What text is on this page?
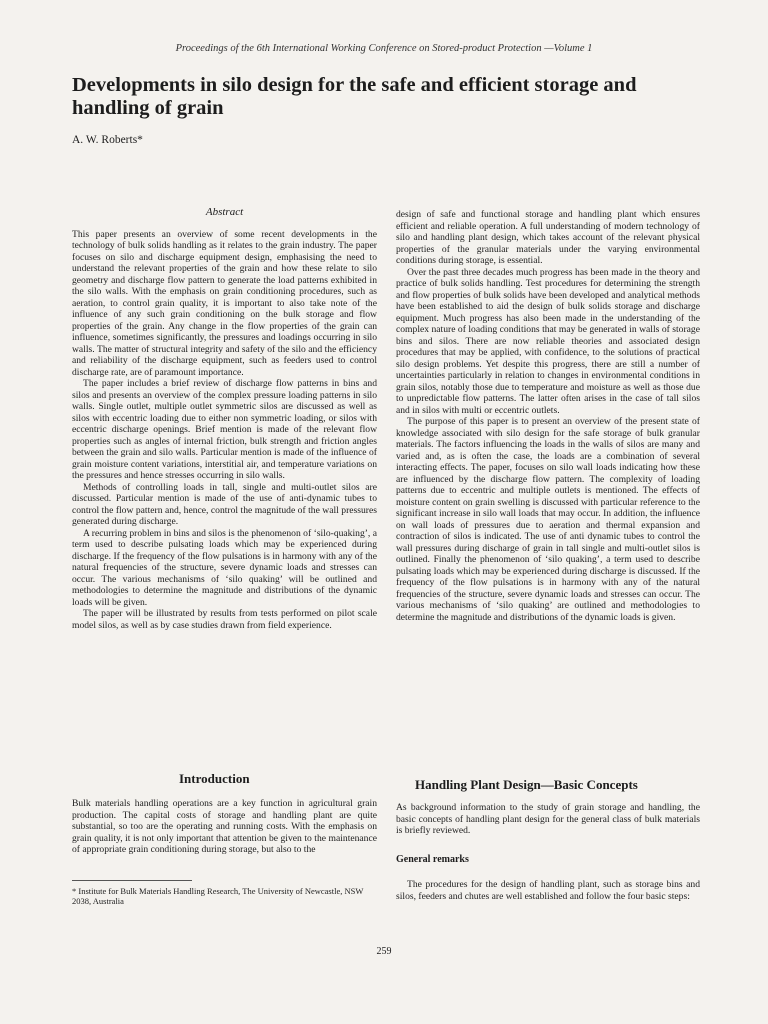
Proceedings of the 6th International Working Conference on Stored-product Protection —Volume 1
Developments in silo design for the safe and efficient storage and handling of grain
A. W. Roberts*
Abstract

This paper presents an overview of some recent developments in the technology of bulk solids handling as it relates to the grain industry. The paper focuses on silo and discharge equipment design, emphasising the need to understand the relevant properties of the grain and how these relate to silo geometry and discharge flow pattern to generate the load patterns exhibited in the silo walls. With the emphasis on grain conditioning procedures, such as aeration, to control grain quality, it is important to also take note of the influence of any such grain conditioning on the bulk storage and flow properties of the grain. Any change in the flow properties of the grain can influence, sometimes significantly, the pressures and loadings occurring in silo walls. The matter of structural integrity and safety of the silo and the efficiency and reliability of the discharge equipment, such as feeders used to control discharge rate, are of paramount importance.

The paper includes a brief review of discharge flow patterns in bins and silos and presents an overview of the complex pressure loading patterns in silo walls. Single outlet, multiple outlet symmetric silos are discussed as well as silos with eccentric loading due to either non symmetric loading, or silos with eccentric discharge openings. Brief mention is made of the relevant flow properties such as angles of internal friction, bulk strength and friction angles between the grain and silo walls. Particular mention is made of the influence of grain moisture content variations, interstitial air, and temperature variations on the pressures and hence stresses occurring in silo walls.

Methods of controlling loads in tall, single and multi-outlet silos are discussed. Particular mention is made of the use of anti-dynamic tubes to control the flow pattern and, hence, control the magnitude of the wall pressures generated during discharge.

A recurring problem in bins and silos is the phenomenon of ‘silo-quaking’, a term used to describe pulsating loads which may be experienced during discharge. If the frequency of the flow pulsations is in harmony with any of the natural frequencies of the structure, severe dynamic loads and stresses can occur. The various mechanisms of ‘silo quaking’ will be outlined and methodologies to determine the magnitude and distributions of the dynamic loads will be given.

The paper will be illustrated by results from tests performed on pilot scale model silos, as well as by case studies drawn from field experience.

Introduction

Bulk materials handling operations are a key function in agricultural grain production. The capital costs of storage and handling plant are quite substantial, so too are the operating and running costs. With the emphasis on grain quality, it is not only important that attention be given to the maintenance of appropriate grain conditioning during storage, but also to the

design of safe and functional storage and handling plant which ensures efficient and reliable operation. A full understanding of modern technology of silo and handling plant design, which takes account of the relevant physical properties of the granular materials under the varying environmental conditions during storage, is essential.

Over the past three decades much progress has been made in the theory and practice of bulk solids handling. Test procedures for determining the strength and flow properties of bulk solids have been developed and analytical methods have been established to aid the design of bulk solids storage and discharge equipment. Much progress has also been made in the understanding of the complex nature of loading conditions that may be generated in walls of storage bins and silos. There are now reliable theories and associated design procedures that may be applied, with confidence, to the solutions of practical silo design problems. Yet despite this progress, there are still a number of uncertainties particularly in relation to changes in environmental conditions in grain silos, notably those due to temperature and moisture as well as those due to unpredictable flow patterns. The latter often arises in the case of tall silos and in silos with multi or eccentric outlets.

The purpose of this paper is to present an overview of the present state of knowledge associated with silo design for the safe storage of bulk granular materials. The factors influencing the loads in the walls of silos are many and varied and, as is often the case, the loads are a combination of several interacting effects. The paper, focuses on silo wall loads indicating how these are influenced by the discharge flow pattern. The complexity of loading patterns due to eccentric and multiple outlets is mentioned. The effects of moisture content on grain swelling is discussed with particular reference to the significant increase in silo wall loads that may occur. In addition, the influence on wall loads of pressures due to aeration and thermal expansion and contraction of silos is indicated. The use of anti dynamic tubes to control the wall pressures during discharge of grain in tall single and multi-outlet silos is outlined. Finally the phenomenon of ‘silo quaking’, a term used to describe pulsating loads which may be experienced during discharge is discussed. If the frequency of the flow pulsations is in harmony with any of the natural frequencies of the structure, severe dynamic loads and stresses can occur. The various mechanisms of ‘silo quaking’ are outlined and methodologies to determine the magnitude and distributions of the dynamic loads is given.

Handling Plant Design—Basic Concepts

As background information to the study of grain storage and handling, the basic concepts of handling plant design for the general class of bulk materials is briefly reviewed.

General remarks

The procedures for the design of handling plant, such as storage bins and silos, feeders and chutes are well established and follow the four basic steps:

* Institute for Bulk Materials Handling Research, The University of Newcastle, NSW 2038, Australia
259
